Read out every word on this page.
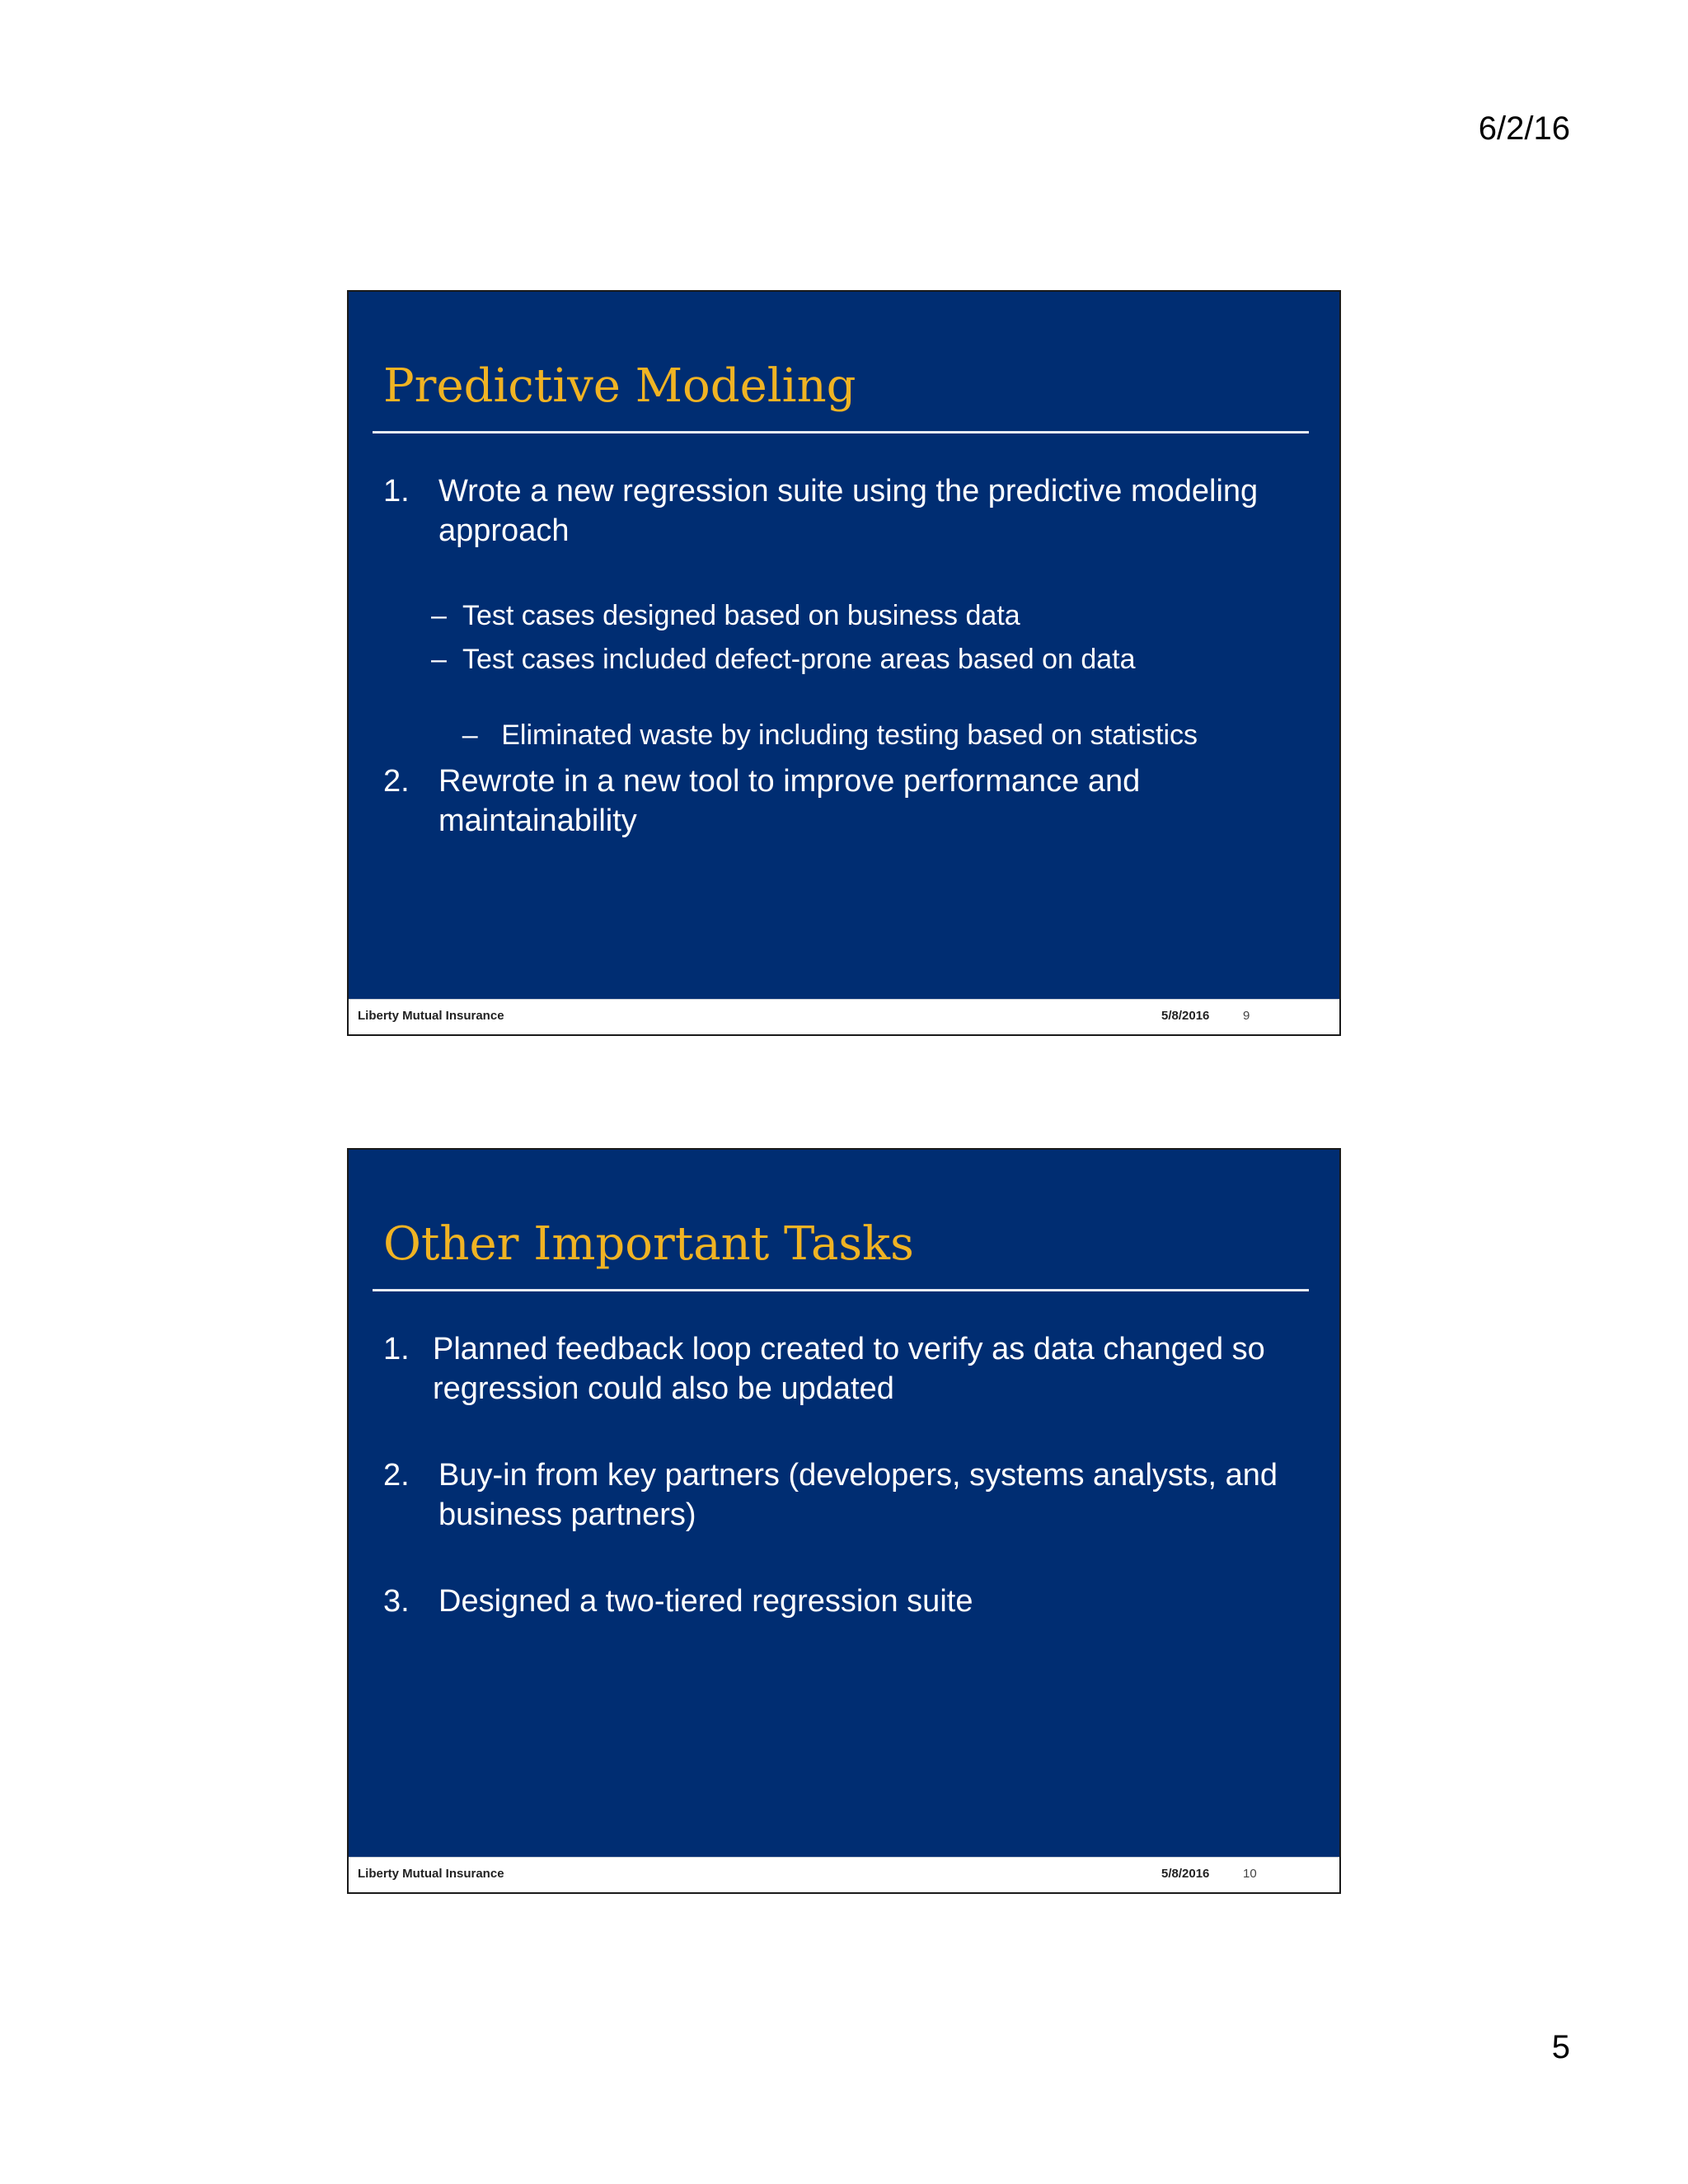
6/2/16
Predictive Modeling
1. Wrote a new regression suite using the predictive modeling approach
– Test cases designed based on business data
– Test cases included defect-prone areas based on data

– Eliminated waste by including testing based on statistics

2. Rewrote in a new tool to improve performance and maintainability
Liberty Mutual Insurance	5/8/2016	9
Other Important Tasks
1. Planned feedback loop created to verify as data changed so regression could also be updated
2. Buy-in from key partners (developers, systems analysts, and business partners)
3. Designed a two-tiered regression suite
Liberty Mutual Insurance	5/8/2016	10
5
